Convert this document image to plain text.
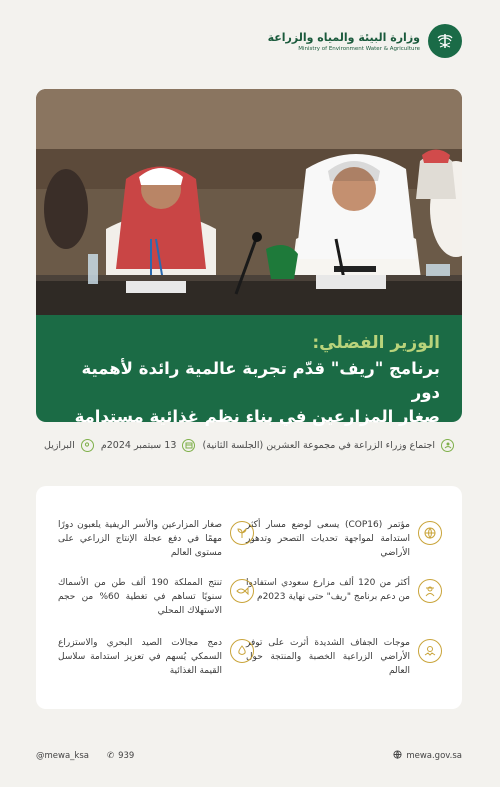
وزارة البيئة والمياه والزراعة
Ministry of Environment Water & Agriculture
الوزير الفضلي:
برنامج "ريف" قدّم تجربة عالمية رائدة لأهمية دور
صغار المزارعين في بناء نظم غذائية مستدامة
اجتماع وزراء الزراعة في مجموعة العشرين (الجلسة الثانية)
13 سبتمبر 2024م
البرازيل
مؤتمر (COP16) يسعى لوضع مسار أكثر استدامة لمواجهة تحديات التصحر وتدهور الأراضي
أكثر من 120 ألف مزارع سعودي استفادوا من دعم برنامج "ريف" حتى نهاية 2023م
موجات الجفاف الشديدة أثرت على توفر الأراضي الزراعية الخصبة والمنتجة حول العالم
صغار المزارعين والأسر الريفية يلعبون دورًا مهمًا في دفع عجلة الإنتاج الزراعي على مستوى العالم
تنتج المملكة 190 ألف طن من الأسماك سنويًا تساهم في تغطية 60% من حجم الاستهلاك المحلي
دمج مجالات الصيد البحري والاستزراع السمكي يُسهم في تعزيز استدامة سلاسل القيمة الغذائية
@mewa_ksa ✆ 939	mewa.gov.sa
